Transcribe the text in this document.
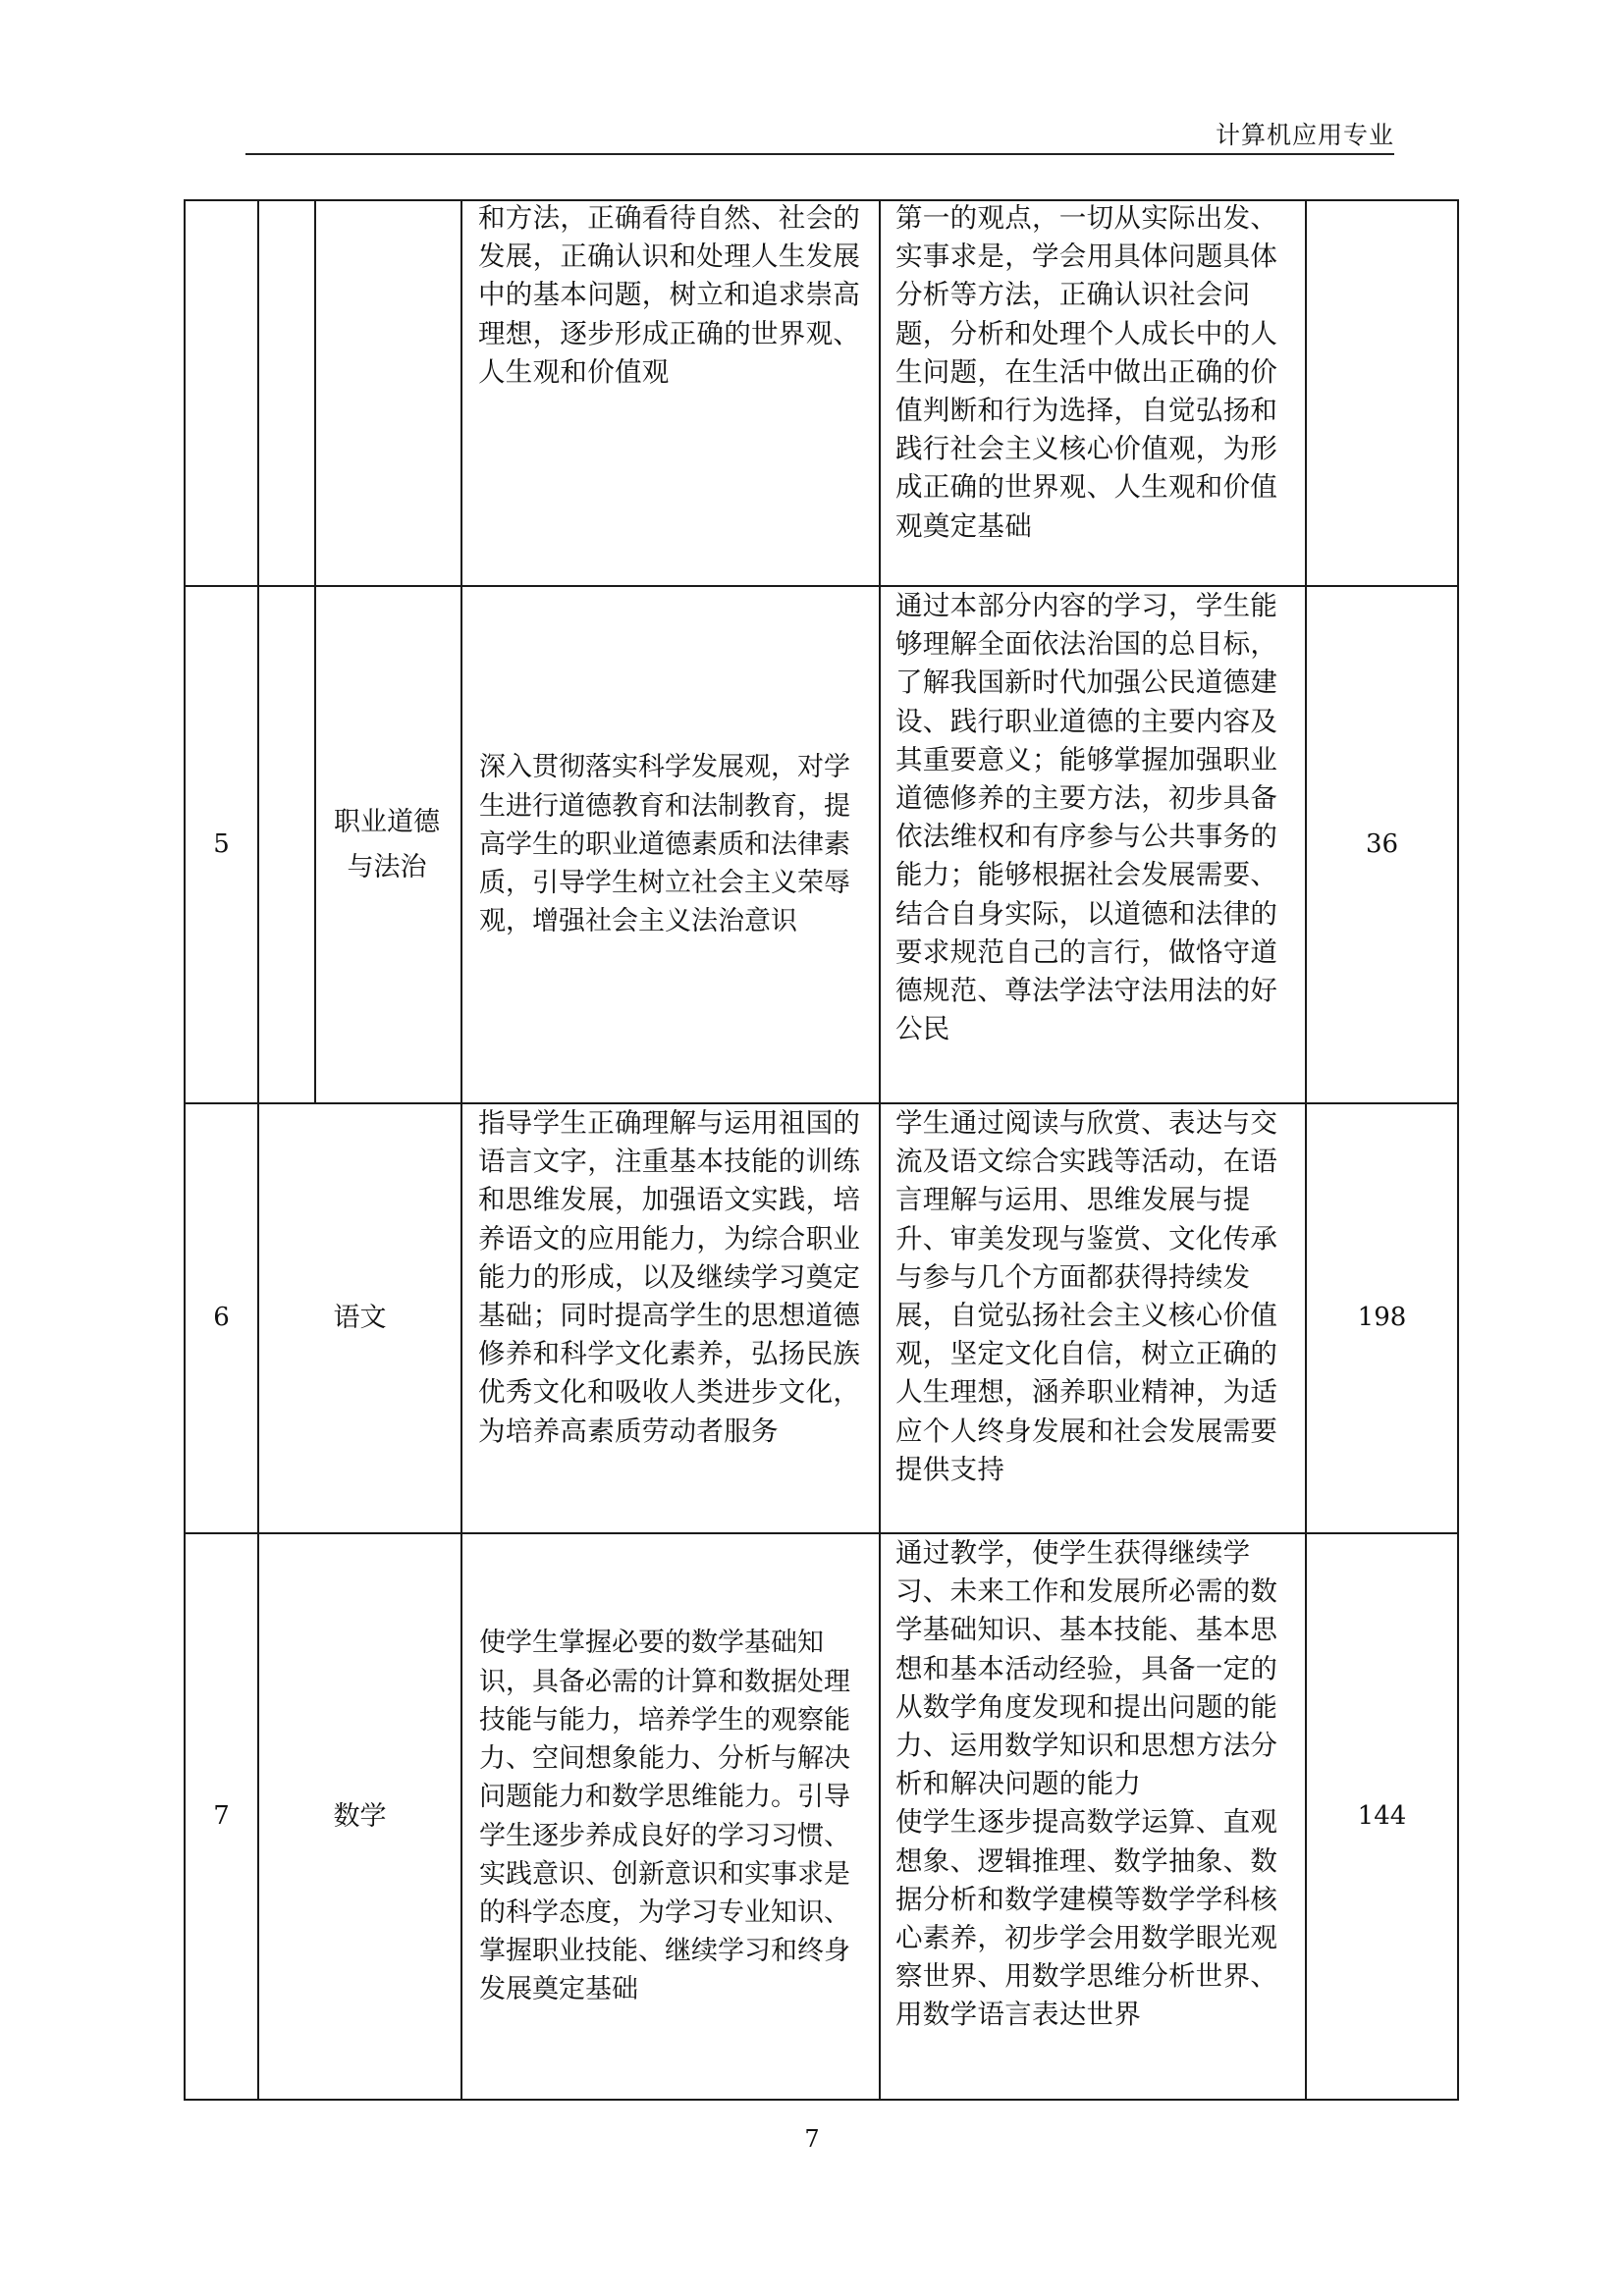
计算机应用专业
和方法，正确看待自然、社会的发展，正确认识和处理人生发展中的基本问题，树立和追求崇高理想，逐步形成正确的世界观、人生观和价值观
第一的观点，一切从实际出发、实事求是，学会用具体问题具体分析等方法，正确认识社会问题，分析和处理个人成长中的人生问题，在生活中做出正确的价值判断和行为选择，自觉弘扬和践行社会主义核心价值观，为形成正确的世界观、人生观和价值观奠定基础
5
职业道德与法治
深入贯彻落实科学发展观，对学生进行道德教育和法制教育，提高学生的职业道德素质和法律素质，引导学生树立社会主义荣辱观，增强社会主义法治意识
通过本部分内容的学习，学生能够理解全面依法治国的总目标，了解我国新时代加强公民道德建设、践行职业道德的主要内容及其重要意义；能够掌握加强职业道德修养的主要方法，初步具备依法维权和有序参与公共事务的能力；能够根据社会发展需要、结合自身实际，以道德和法律的要求规范自己的言行，做恪守道德规范、尊法学法守法用法的好公民
36
6	语文
指导学生正确理解与运用祖国的语言文字，注重基本技能的训练和思维发展，加强语文实践，培养语文的应用能力，为综合职业能力的形成，以及继续学习奠定基础；同时提高学生的思想道德修养和科学文化素养，弘扬民族优秀文化和吸收人类进步文化，为培养高素质劳动者服务
学生通过阅读与欣赏、表达与交流及语文综合实践等活动，在语言理解与运用、思维发展与提升、审美发现与鉴赏、文化传承与参与几个方面都获得持续发展，自觉弘扬社会主义核心价值观，坚定文化自信，树立正确的人生理想，涵养职业精神，为适应个人终身发展和社会发展需要提供支持
198
7	数学
使学生掌握必要的数学基础知识，具备必需的计算和数据处理技能与能力，培养学生的观察能力、空间想象能力、分析与解决问题能力和数学思维能力。引导学生逐步养成良好的学习习惯、实践意识、创新意识和实事求是的科学态度，为学习专业知识、掌握职业技能、继续学习和终身发展奠定基础
通过教学，使学生获得继续学习、未来工作和发展所必需的数学基础知识、基本技能、基本思想和基本活动经验，具备一定的从数学角度发现和提出问题的能力、运用数学知识和思想方法分析和解决问题的能力
使学生逐步提高数学运算、直观想象、逻辑推理、数学抽象、数据分析和数学建模等数学学科核心素养，初步学会用数学眼光观察世界、用数学思维分析世界、用数学语言表达世界
144
7
